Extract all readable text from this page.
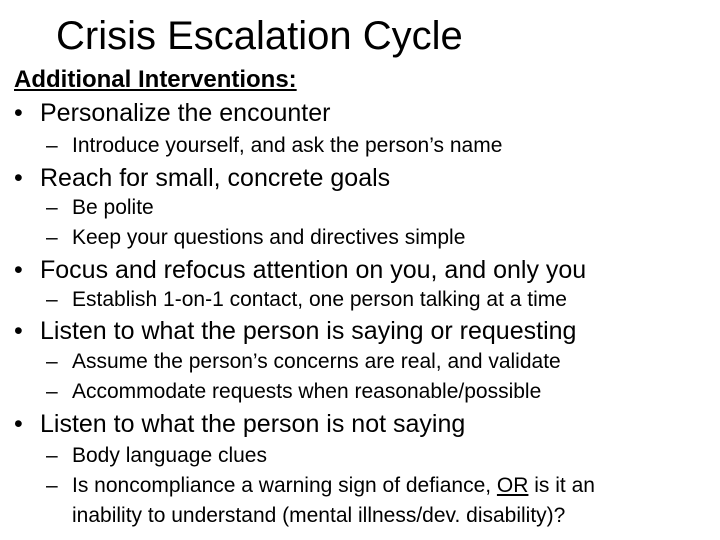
Crisis Escalation Cycle
Additional Interventions:
• Personalize the encounter
– Introduce yourself, and ask the person’s name
• Reach for small, concrete goals
– Be polite
– Keep your questions and directives simple
• Focus and refocus attention on you, and only you
– Establish 1-on-1 contact, one person talking at a time
• Listen to what the person is saying or requesting
– Assume the person’s concerns are real, and validate
– Accommodate requests when reasonable/possible
• Listen to what the person is not saying
– Body language clues
– Is noncompliance a warning sign of defiance, OR is it an
inability to understand (mental illness/dev. disability)?
